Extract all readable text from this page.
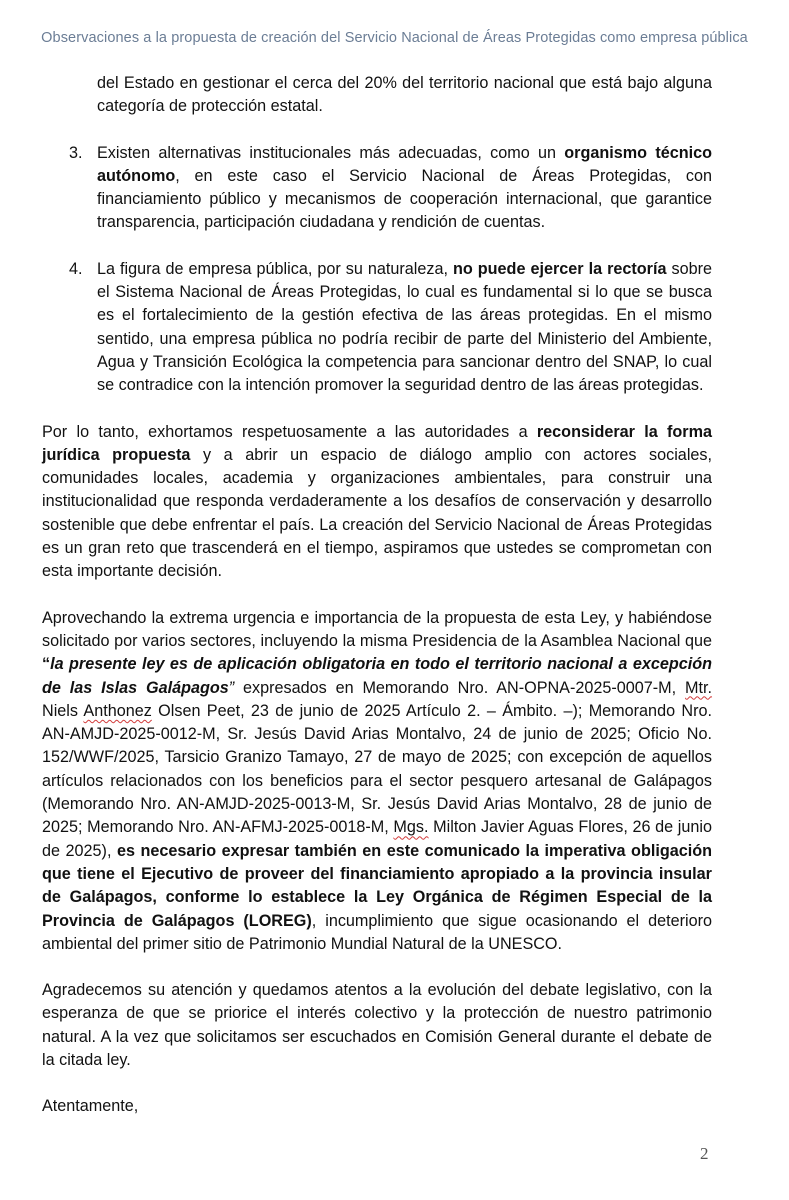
Observaciones a la propuesta de creación del Servicio Nacional de Áreas Protegidas como empresa pública
del Estado en gestionar el cerca del 20% del territorio nacional que está bajo alguna categoría de protección estatal.
3. Existen alternativas institucionales más adecuadas, como un organismo técnico autónomo, en este caso el Servicio Nacional de Áreas Protegidas, con financiamiento público y mecanismos de cooperación internacional, que garantice transparencia, participación ciudadana y rendición de cuentas.
4. La figura de empresa pública, por su naturaleza, no puede ejercer la rectoría sobre el Sistema Nacional de Áreas Protegidas, lo cual es fundamental si lo que se busca es el fortalecimiento de la gestión efectiva de las áreas protegidas. En el mismo sentido, una empresa pública no podría recibir de parte del Ministerio del Ambiente, Agua y Transición Ecológica la competencia para sancionar dentro del SNAP, lo cual se contradice con la intención promover la seguridad dentro de las áreas protegidas.

Por lo tanto, exhortamos respetuosamente a las autoridades a reconsiderar la forma jurídica propuesta y a abrir un espacio de diálogo amplio con actores sociales, comunidades locales, academia y organizaciones ambientales, para construir una institucionalidad que responda verdaderamente a los desafíos de conservación y desarrollo sostenible que debe enfrentar el país. La creación del Servicio Nacional de Áreas Protegidas es un gran reto que trascenderá en el tiempo, aspiramos que ustedes se comprometan con esta importante decisión.

Aprovechando la extrema urgencia e importancia de la propuesta de esta Ley, y habiéndose solicitado por varios sectores, incluyendo la misma Presidencia de la Asamblea Nacional que “la presente ley es de aplicación obligatoria en todo el territorio nacional a excepción de las Islas Galápagos” expresados en Memorando Nro. AN-OPNA-2025-0007-M, Mtr. Niels Anthonez Olsen Peet, 23 de junio de 2025 Artículo 2. – Ámbito. –); Memorando Nro. AN-AMJD-2025-0012-M, Sr. Jesús David Arias Montalvo, 24 de junio de 2025; Oficio No. 152/WWF/2025, Tarsicio Granizo Tamayo, 27 de mayo de 2025; con excepción de aquellos artículos relacionados con los beneficios para el sector pesquero artesanal de Galápagos (Memorando Nro. AN-AMJD-2025-0013-M, Sr. Jesús David Arias Montalvo, 28 de junio de 2025; Memorando Nro. AN-AFMJ-2025-0018-M, Mgs. Milton Javier Aguas Flores, 26 de junio de 2025), es necesario expresar también en este comunicado la imperativa obligación que tiene el Ejecutivo de proveer del financiamiento apropiado a la provincia insular de Galápagos, conforme lo establece la Ley Orgánica de Régimen Especial de la Provincia de Galápagos (LOREG), incumplimiento que sigue ocasionando el deterioro ambiental del primer sitio de Patrimonio Mundial Natural de la UNESCO.

Agradecemos su atención y quedamos atentos a la evolución del debate legislativo, con la esperanza de que se priorice el interés colectivo y la protección de nuestro patrimonio natural. A la vez que solicitamos ser escuchados en Comisión General durante el debate de la citada ley.

Atentamente,

2
